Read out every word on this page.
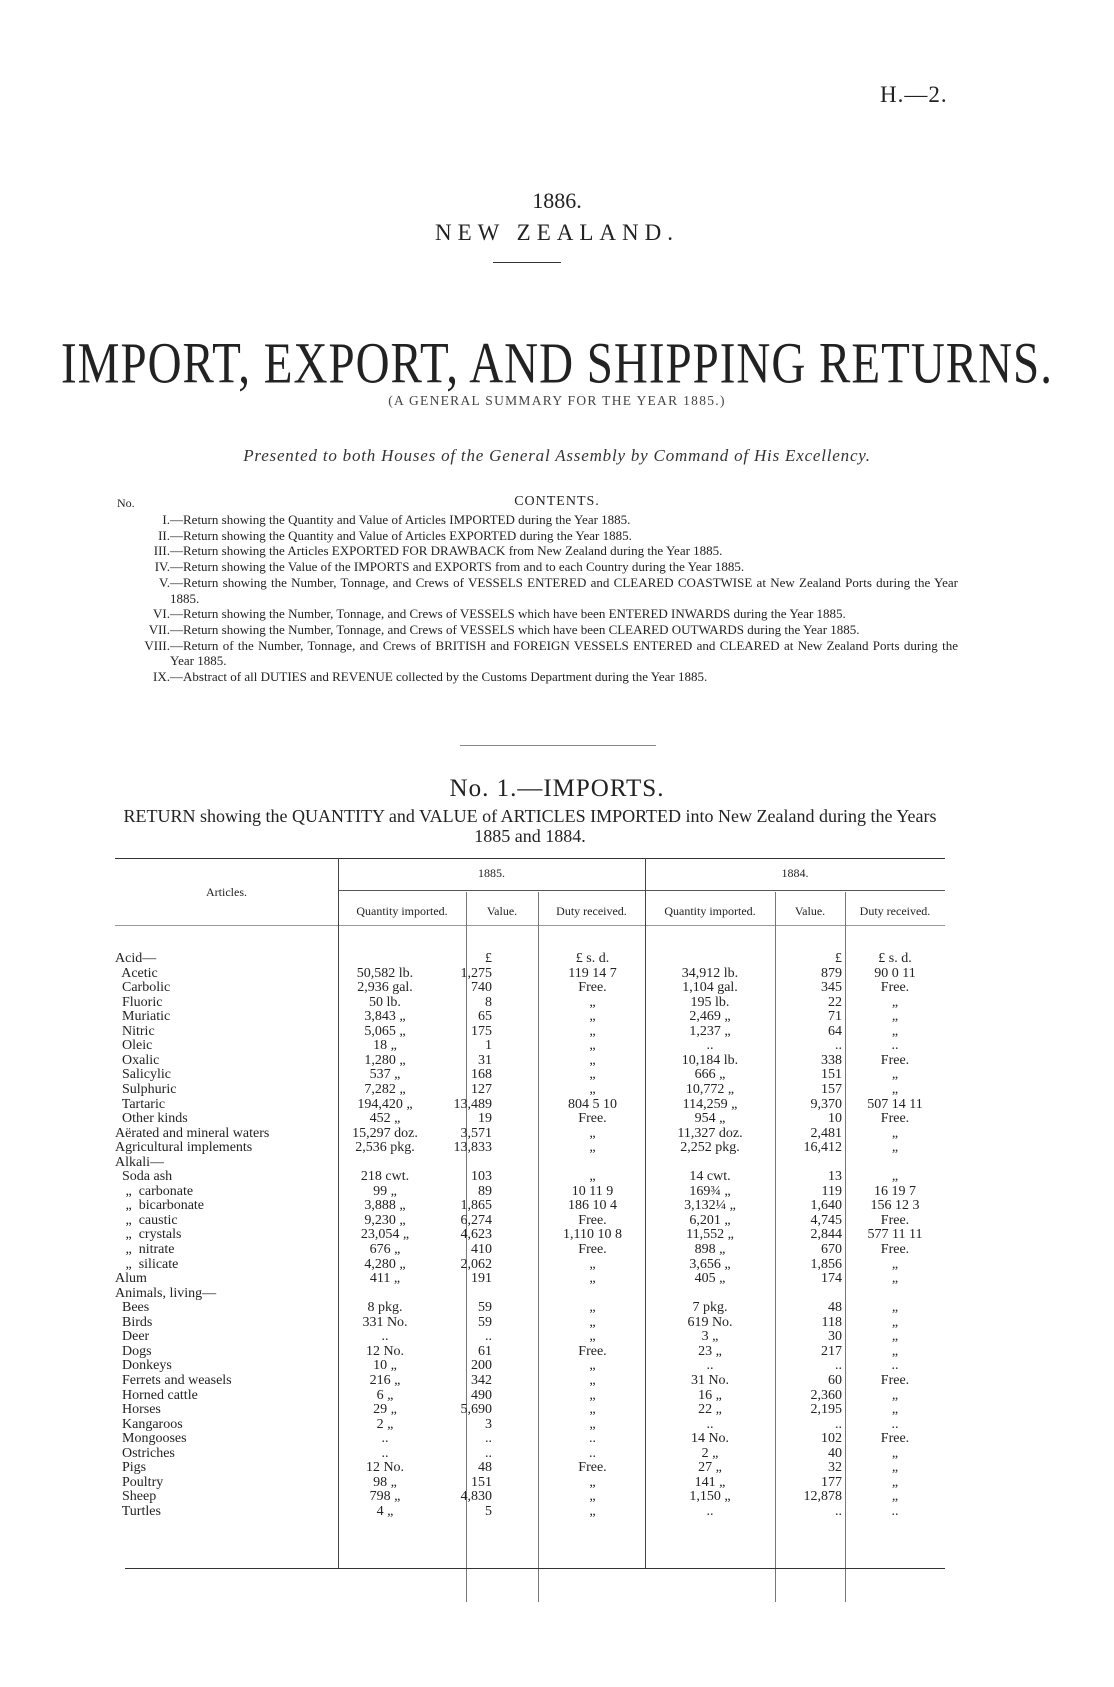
H.—2.
1886.
NEW ZEALAND.
IMPORT, EXPORT, AND SHIPPING RETURNS.
(A GENERAL SUMMARY FOR THE YEAR 1885.)
Presented to both Houses of the General Assembly by Command of His Excellency.
No.	CONTENTS.
I. —Return showing the Quantity and Value of Articles IMPORTED during the Year 1885.
II. —Return showing the Quantity and Value of Articles EXPORTED during the Year 1885.
III. —Return showing the Articles EXPORTED FOR DRAWBACK from New Zealand during the Year 1885.
IV. —Return showing the Value of the IMPORTS and EXPORTS from and to each Country during the Year 1885.
V. —Return showing the Number, Tonnage, and Crews of VESSELS ENTERED and CLEARED COASTWISE at New Zealand Ports during the Year 1885.
VI. —Return showing the Number, Tonnage, and Crews of VESSELS which have been ENTERED INWARDS during the Year 1885.
VII. —Return showing the Number, Tonnage, and Crews of VESSELS which have been CLEARED OUTWARDS during the Year 1885.
VIII. —Return of the Number, Tonnage, and Crews of BRITISH and FOREIGN VESSELS ENTERED and CLEARED at New Zealand Ports during the Year 1885.
IX. —Abstract of all DUTIES and REVENUE collected by the Customs Department during the Year 1885.
No. 1.—IMPORTS.
RETURN showing the QUANTITY and VALUE of ARTICLES IMPORTED into New Zealand during the Years 1885 and 1884.
Articles.
1885.	1884.
Quantity imported.	Value.	Duty received.	Quantity imported.	Value.	Duty received.
Acid—	£	£ s. d.	£	£ s. d.
Acetic	50,582 lb.	1,275	119 14 7	34,912 lb.	879	90 0 11
Carbolic	2,936 gal.	740	Free.	1,104 gal.	345	Free.
Fluoric	50 lb.	8	„	195 lb.	22	„
Muriatic	3,843 „	65	„	2,469 „	71	„
Nitric	5,065 „	175	„	1,237 „	64	„
Oleic	18 „	1	„	..	..	..
Oxalic	1,280 „	31	„	10,184 lb.	338	Free.
Salicylic	537 „	168	„	666 „	151	„
Sulphuric	7,282 „	127	„	10,772 „	157	„
Tartaric	194,420 „	13,489	804 5 10	114,259 „	9,370	507 14 11
Other kinds	452 „	19	Free.	954 „	10	Free.
Aërated and mineral waters	15,297 doz.	3,571	„	11,327 doz.	2,481	„
Agricultural implements	2,536 pkg.	13,833	„	2,252 pkg.	16,412	„
Alkali—
Soda ash	218 cwt.	103	„	14 cwt.	13	„
„  carbonate	99 „	89	10 11 9	169¾ „	119	16 19 7
„  bicarbonate	3,888 „	1,865	186 10 4	3,132¼ „	1,640	156 12 3
„  caustic	9,230 „	6,274	Free.	6,201 „	4,745	Free.
„  crystals	23,054 „	4,623	1,110 10 8	11,552 „	2,844	577 11 11
„  nitrate	676 „	410	Free.	898 „	670	Free.
„  silicate	4,280 „	2,062	„	3,656 „	1,856	„
Alum	411 „	191	„	405 „	174	„
Animals, living—
Bees	8 pkg.	59	„	7 pkg.	48	„
Birds	331 No.	59	„	619 No.	118	„
Deer	..	..	„	3 „	30	„
Dogs	12 No.	61	Free.	23 „	217	„
Donkeys	10 „	200	„	..	..	..
Ferrets and weasels	216 „	342	„	31 No.	60	Free.
Horned cattle	6 „	490	„	16 „	2,360	„
Horses	29 „	5,690	„	22 „	2,195	„
Kangaroos	2 „	3	„	..	..	..
Mongooses	..	..	..	14 No.	102	Free.
Ostriches	..	..	..	2 „	40	„
Pigs	12 No.	48	Free.	27 „	32	„
Poultry	98 „	151	„	141 „	177	„
Sheep	798 „	4,830	„	1,150 „	12,878	„
Turtles	4 „	5	„	..	..	..
